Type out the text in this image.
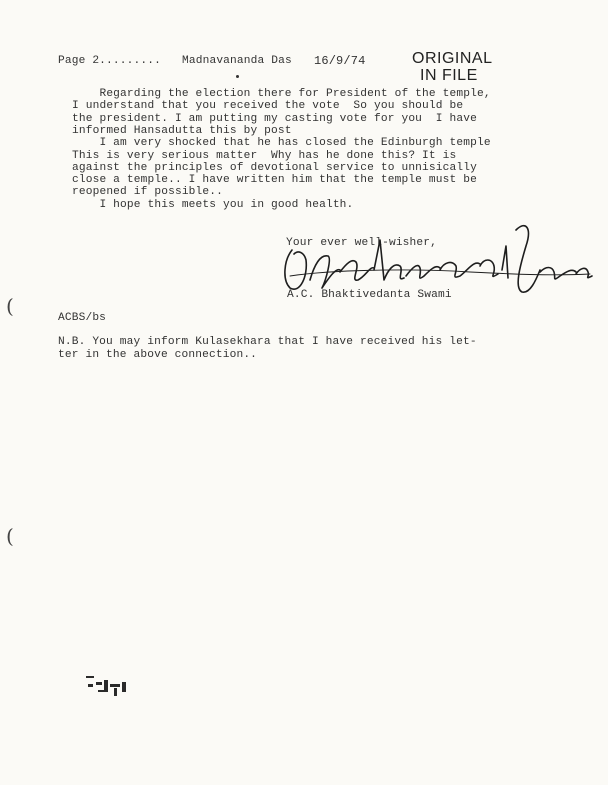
Page 2......... Madnavananda Das 16/9/74	ORIGINAL
IN FILE
Regarding the election there for President of the temple,
I understand that you received the vote  So you should be
the president. I am putting my casting vote for you  I have
informed Hansadutta this by post
I am very shocked that he has closed the Edinburgh temple
This is very serious matter  Why has he done this? It is
against the principles of devotional service to unnisically
close a temple.. I have written him that the temple must be
reopened if possible..
I hope this meets you in good health.
Your ever well-wisher,
A.C. Bhaktivedanta Swami
ACBS/bs
N.B. You may inform Kulasekhara that I have received his let-
ter in the above connection..
(
(
